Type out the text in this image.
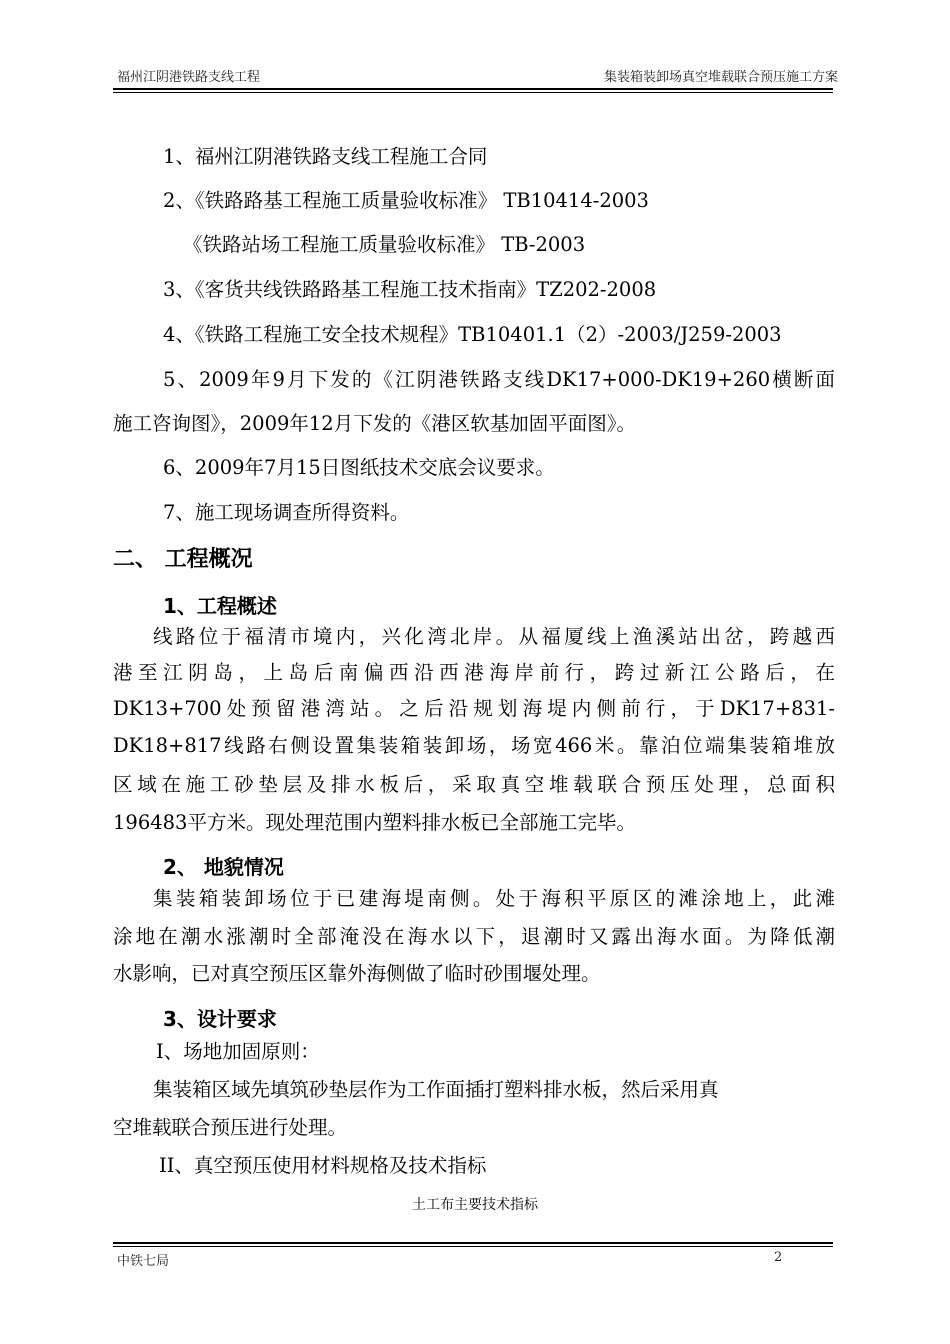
福州江阴港铁路支线工程	集装箱装卸场真空堆载联合预压施工方案
1、福州江阴港铁路支线工程施工合同
2、《铁路路基工程施工质量验收标准》 TB10414-2003
《铁路站场工程施工质量验收标准》 TB-2003
3、《客货共线铁路路基工程施工技术指南》TZ202-2008
4、《铁路工程施工安全技术规程》TB10401.1（2）-2003/J259-2003
5、2009年9月下发的《江阴港铁路支线DK17+000-DK19+260横断面
施工咨询图》，2009年12月下发的《港区软基加固平面图》。
6、2009年7月15日图纸技术交底会议要求。
7、施工现场调查所得资料。
二、 工程概况
1、工程概述
线路位于福清市境内，兴化湾北岸。从福厦线上渔溪站出岔，跨越西
港至江阴岛，上岛后南偏西沿西港海岸前行，跨过新江公路后，在
DK13+700处预留港湾站。之后沿规划海堤内侧前行，于DK17+831-
DK18+817线路右侧设置集装箱装卸场，场宽466米。靠泊位端集装箱堆放
区域在施工砂垫层及排水板后，采取真空堆载联合预压处理，总面积
196483平方米。现处理范围内塑料排水板已全部施工完毕。
2、 地貌情况
集装箱装卸场位于已建海堤南侧。处于海积平原区的滩涂地上，此滩
涂地在潮水涨潮时全部淹没在海水以下，退潮时又露出海水面。为降低潮
水影响，已对真空预压区靠外海侧做了临时砂围堰处理。
3、设计要求
I、场地加固原则：
集装箱区域先填筑砂垫层作为工作面插打塑料排水板，然后采用真
空堆载联合预压进行处理。
II、真空预压使用材料规格及技术指标
土工布主要技术指标
中铁七局	2
